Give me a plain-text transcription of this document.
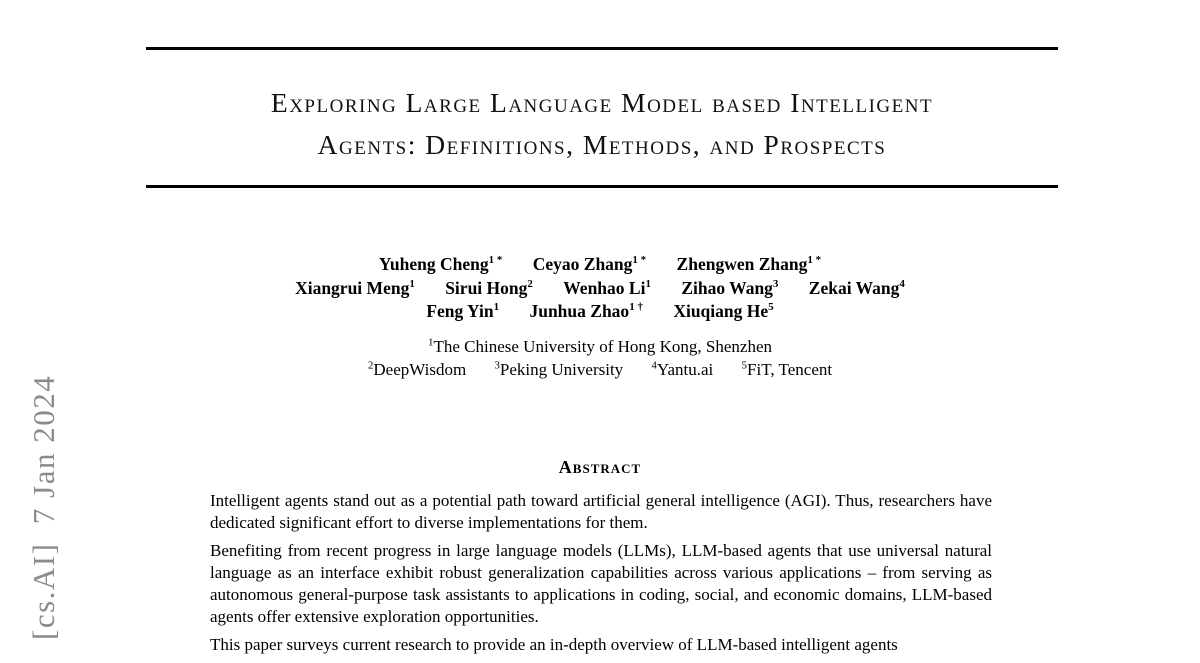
[cs.AI]  7 Jan 2024
Exploring Large Language Model based Intelligent
Agents: Definitions, Methods, and Prospects
Yuheng Cheng$^{1 *}$ Ceyao Zhang$^{1 *}$ Zhengwen Zhang$^{1 *}$
Xiangrui Meng$^1$ Sirui Hong$^2$ Wenhao Li$^1$ Zihao Wang$^3$ Zekai Wang$^4$
Feng Yin$^1$ Junhua Zhao$^{1 \dagger}$ Xiuqiang He$^5$
$^1$The Chinese University of Hong Kong, Shenzhen
$^2$DeepWisdom	$^3$Peking University	$^4$Yantu.ai	$^5$FiT, Tencent
Abstract

Intelligent agents stand out as a potential path toward artificial general intelligence (AGI). Thus, researchers have dedicated significant effort to diverse implementations for them.

Benefiting from recent progress in large language models (LLMs), LLM-based agents that use universal natural language as an interface exhibit robust generalization capabilities across various applications – from serving as autonomous general-purpose task assistants to applications in coding, social, and economic domains, LLM-based agents offer extensive exploration opportunities.

This paper surveys current research to provide an in-depth overview of LLM-based intelligent agents
